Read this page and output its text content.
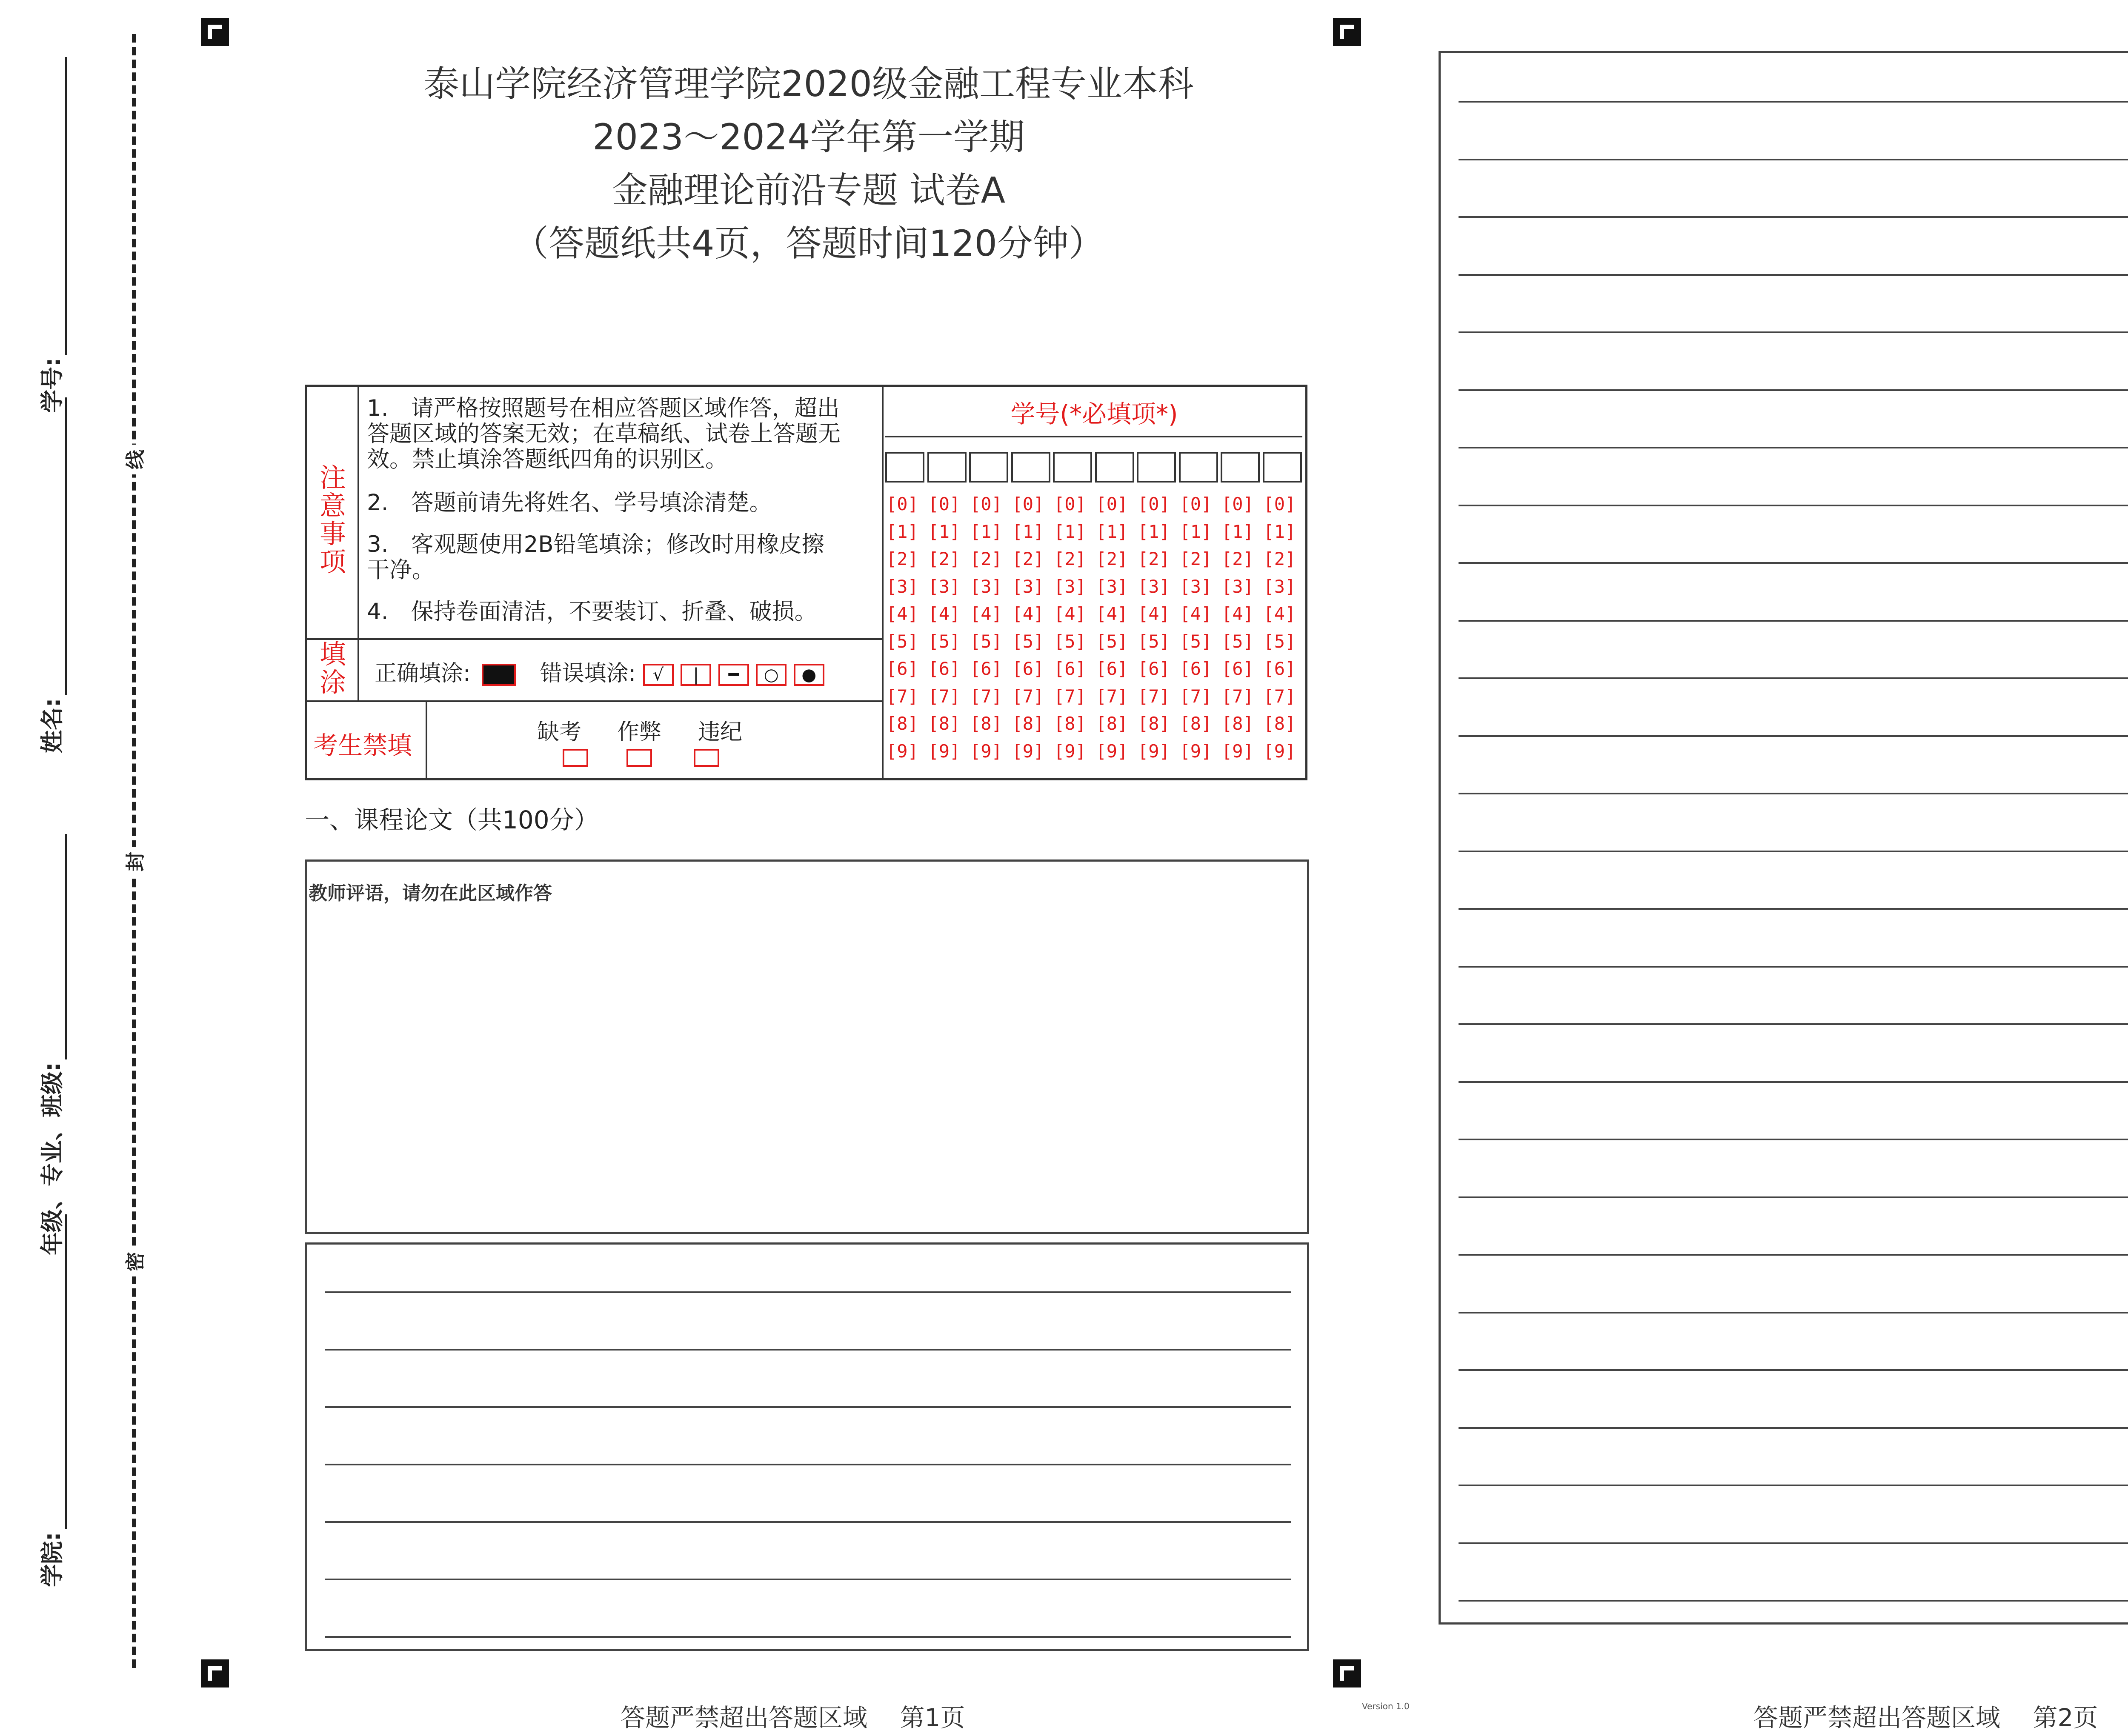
线
封
密
学号:
姓名:
年级、专业、班级:
学院:
泰山学院经济管理学院2020级金融工程专业本科
2023～2024学年第一学期
金融理论前沿专题 试卷A
（答题纸共4页，答题时间120分钟）
注意事项
1.　请严格按照题号在相应答题区域作答，超出答题区域的答案无效；在草稿纸、试卷上答题无效。禁止填涂答题纸四角的识别区。
2.　答题前请先将姓名、学号填涂清楚。
3.　客观题使用2B铅笔填涂；修改时用橡皮擦干净。
4.　保持卷面清洁，不要装订、折叠、破损。
填涂 正确填涂:	错误填涂: √ | ━ ○ ●
考生禁填	缺考 作弊 违纪
学号(*必填项*)
[0] [0] [0] [0] [0] [0] [0] [0] [0] [0]
[1] [1] [1] [1] [1] [1] [1] [1] [1] [1]
[2] [2] [2] [2] [2] [2] [2] [2] [2] [2]
[3] [3] [3] [3] [3] [3] [3] [3] [3] [3]
[4] [4] [4] [4] [4] [4] [4] [4] [4] [4]
[5] [5] [5] [5] [5] [5] [5] [5] [5] [5]
[6] [6] [6] [6] [6] [6] [6] [6] [6] [6]
[7] [7] [7] [7] [7] [7] [7] [7] [7] [7]
[8] [8] [8] [8] [8] [8] [8] [8] [8] [8]
[9] [9] [9] [9] [9] [9] [9] [9] [9] [9]
一、课程论文（共100分）
教师评语，请勿在此区域作答
答题严禁超出答题区域　 第1页	答题严禁超出答题区域　 第2页
Version 1.0
